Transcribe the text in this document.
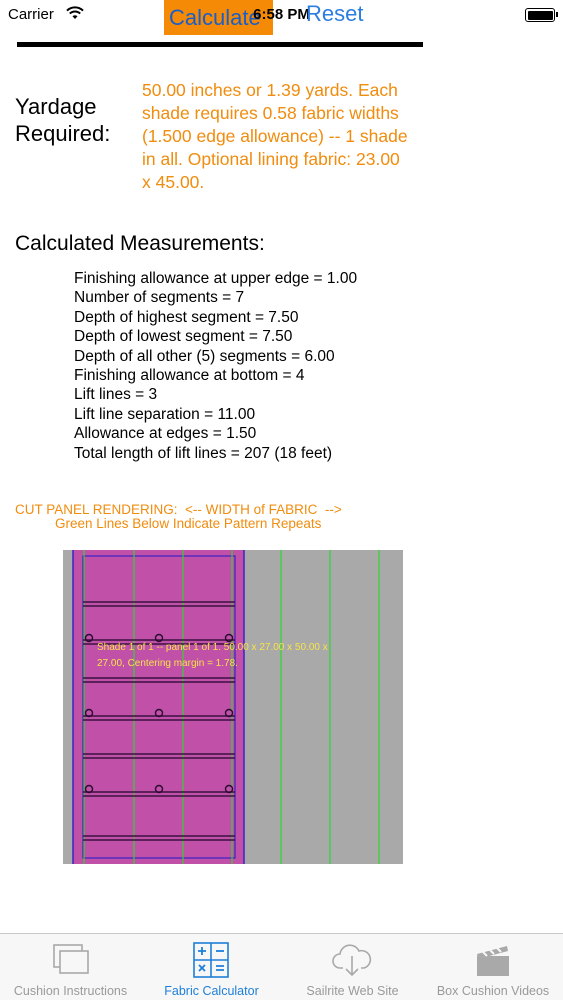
Carrier	6:58 PM
Calculate	Reset
Yardage Required:
50.00 inches or 1.39 yards. Each shade requires 0.58 fabric widths (1.500 edge allowance) -- 1 shade in all. Optional lining fabric: 23.00 x 45.00.
Calculated Measurements:
Finishing allowance at upper edge = 1.00
Number of segments = 7
Depth of highest segment = 7.50
Depth of lowest segment = 7.50
Depth of all other (5) segments = 6.00
Finishing allowance at bottom = 4
Lift lines = 3
Lift line separation = 11.00
Allowance at edges = 1.50
Total length of lift lines = 207 (18 feet)
CUT PANEL RENDERING:  <-- WIDTH of FABRIC  -->
Green Lines Below Indicate Pattern Repeats
Shade 1 of 1 -- panel 1 of 1. 50.00 x 27.00 x 50.00 x 27.00, Centering margin = 1.78.
Cushion Instructions	Fabric Calculator	Sailrite Web Site	Box Cushion Videos
